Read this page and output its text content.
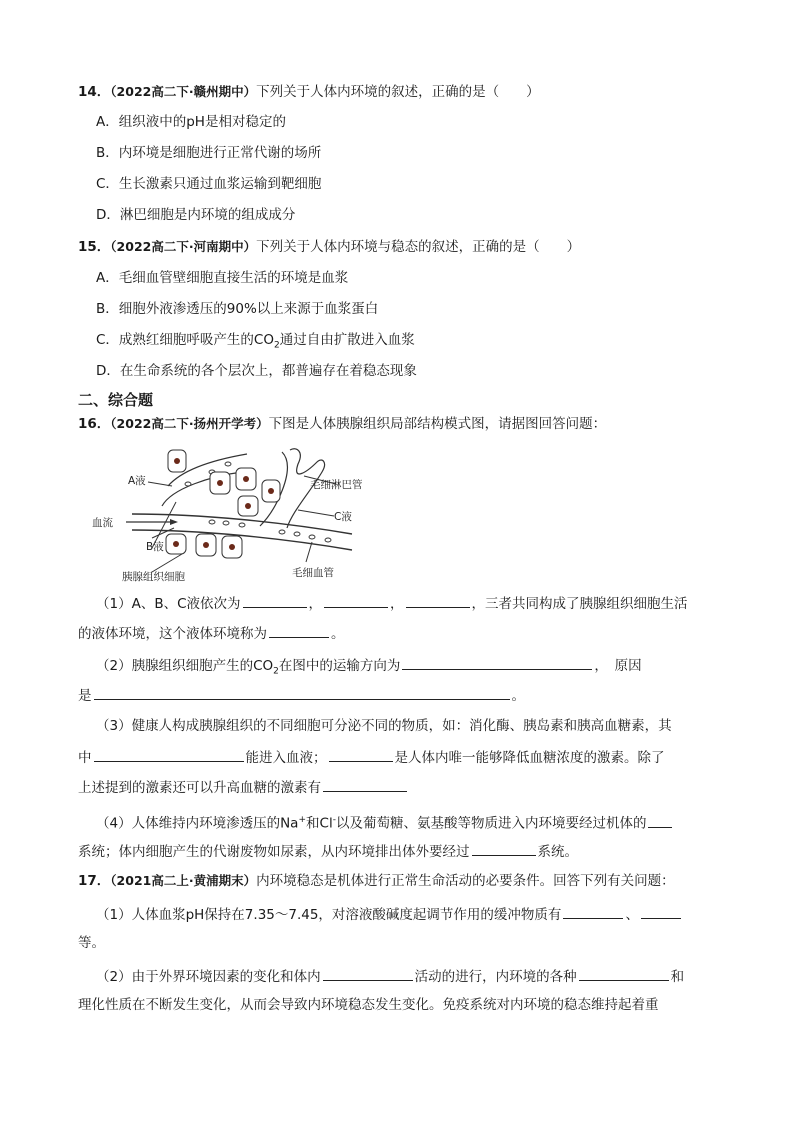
14．（2022高二下·赣州期中）下列关于人体内环境的叙述，正确的是（　　）
A．组织液中的pH是相对稳定的
B．内环境是细胞进行正常代谢的场所
C．生长激素只通过血浆运输到靶细胞
D．淋巴细胞是内环境的组成成分
15．（2022高二下·河南期中）下列关于人体内环境与稳态的叙述，正确的是（　　）
A．毛细血管壁细胞直接生活的环境是血浆
B．细胞外液渗透压的90%以上来源于血浆蛋白
C．成熟红细胞呼吸产生的$CO_2$通过自由扩散进入血浆
D．在生命系统的各个层次上，都普遍存在着稳态现象
二、综合题
16．（2022高二下·扬州开学考）下图是人体胰腺组织局部结构模式图，请据图回答问题：
A液
血流
B液
C液
毛细淋巴管
毛细血管
胰腺组织细胞
（1）A、B、C液依次为	，	，	，三者共同构成了胰腺组织细胞生活
的液体环境，这个液体环境称为	。
（2）胰腺组织细胞产生的$CO_2$在图中的运输方向为	，　原因
是	。
（3）健康人构成胰腺组织的不同细胞可分泌不同的物质，如：消化酶、胰岛素和胰高血糖素，其
中	能进入血液；	是人体内唯一能够降低血糖浓度的激素。除了
上述提到的激素还可以升高血糖的激素有
（4）人体维持内环境渗透压的Na+和Cl-以及葡萄糖、氨基酸等物质进入内环境要经过机体的
系统；体内细胞产生的代谢废物如尿素，从内环境排出体外要经过	系统。
17．（2021高二上·黄浦期末）内环境稳态是机体进行正常生命活动的必要条件。回答下列有关问题：
（1）人体血浆pH保持在7.35～7.45，对溶液酸碱度起调节作用的缓冲物质有	、
等。
（2）由于外界环境因素的变化和体内	活动的进行，内环境的各种	和
理化性质在不断发生变化，从而会导致内环境稳态发生变化。免疫系统对内环境的稳态维持起着重
